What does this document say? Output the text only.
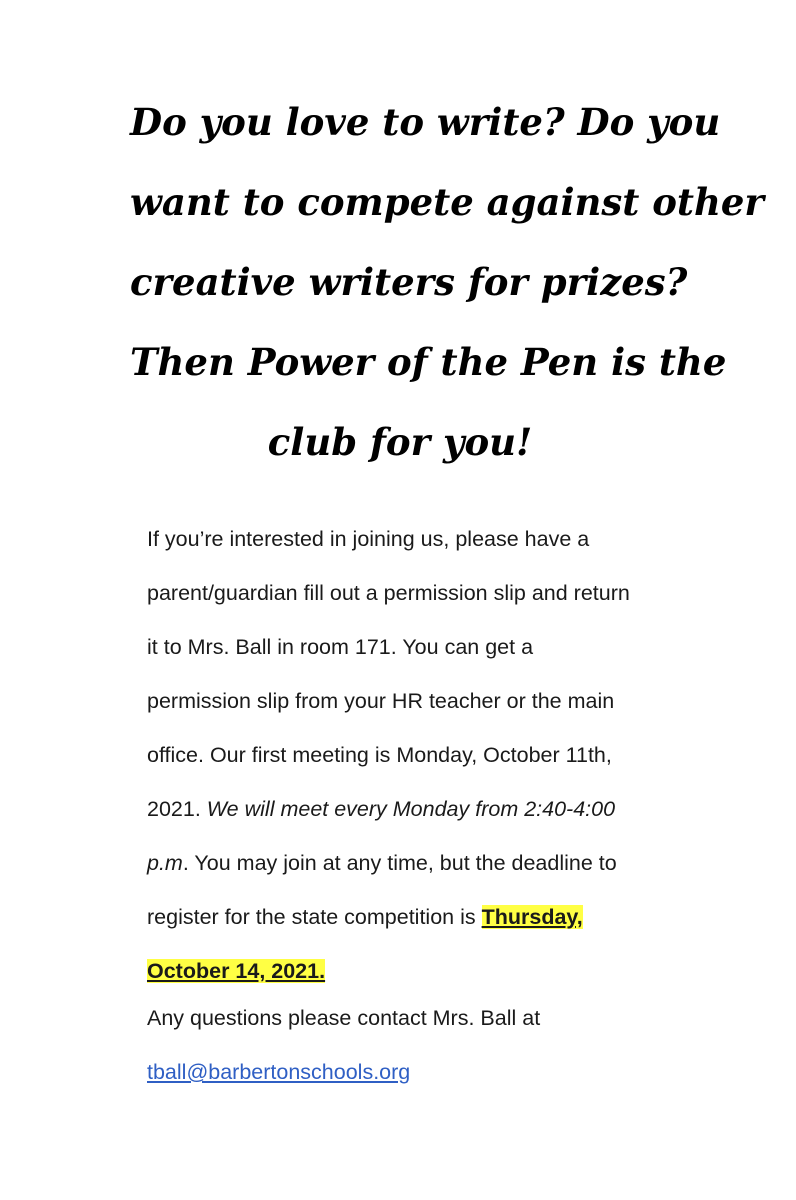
Do you love to write? Do you
want to compete against other
creative writers for prizes?
Then Power of the Pen is the
club for you!
If you’re interested in joining us, please have a
parent/guardian fill out a permission slip and return
it to Mrs. Ball in room 171. You can get a
permission slip from your HR teacher or the main
office. Our first meeting is Monday, October 11th,
2021. We will meet every Monday from 2:40-4:00
p.m. You may join at any time, but the deadline to
register for the state competition is Thursday,
October 14, 2021.
Any questions please contact Mrs. Ball at
tball@barbertonschools.org
